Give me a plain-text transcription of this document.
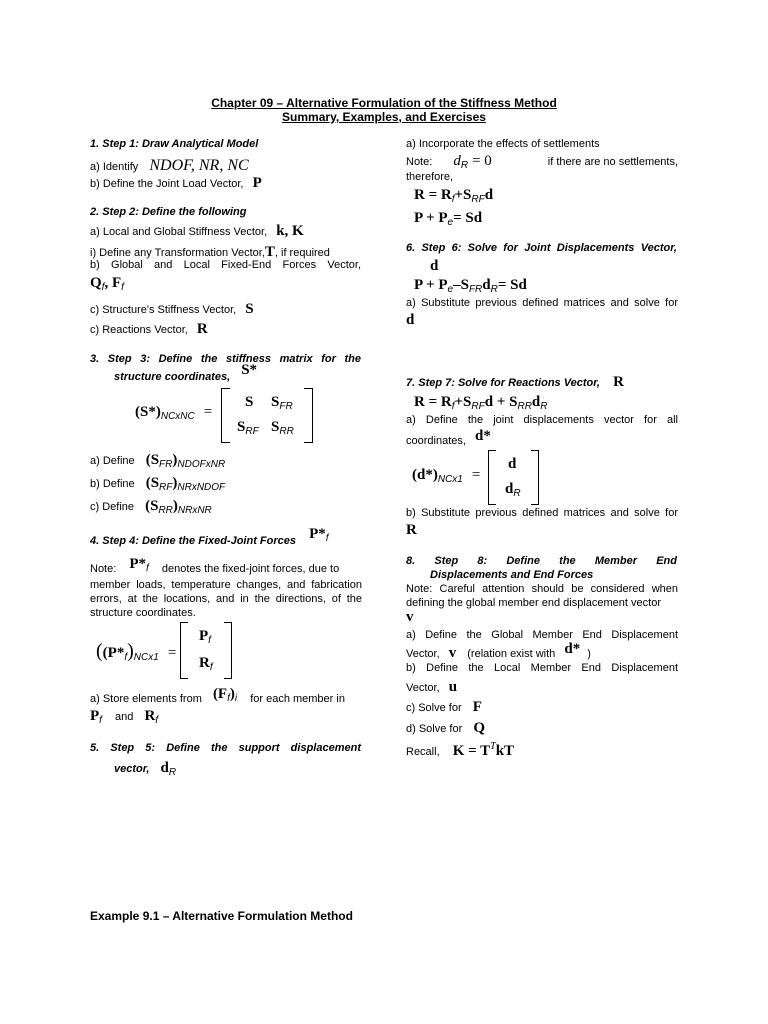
Chapter 09 – Alternative Formulation of the Stiffness Method
Summary, Examples, and Exercises
1. Step 1: Draw Analytical Model
a) Identify NDOF, NR, NC
b) Define the Joint Load Vector, P
2. Step 2: Define the following
a) Local and Global Stiffness Vector, k, K
i) Define any Transformation Vector,T, if required
b) Global and Local Fixed-End Forces Vector,
Qf, Ff
c) Structure's Stiffness Vector, S
c) Reactions Vector, R
3. Step 3: Define the stiffness matrix for the
structure coordinates, S*
(S*)NCxNC =
S SFR
SRF SRR
a) Define (SFR)NDOFxNR
b) Define (SRF)NRxNDOF
c) Define (SRR)NRxNR
4. Step 4: Define the Fixed-Joint Forces P*f
Note: P*f denotes the fixed-joint forces, due to
member loads, temperature changes, and fabrication errors, at the locations, and in the directions, of the structure coordinates.
((P*f)NCx1 =
Pf
Rf
a) Store elements from (Ff)i for each member in
Pf and Rf
5. Step 5: Define the support displacement
vector, dR
Example 9.1 – Alternative Formulation Method
a) Incorporate the effects of settlements
Note: dR = 0	if there are no settlements,
therefore,
R = Rf+SRFd
P + Pe= Sd
6. Step 6: Solve for Joint Displacements Vector,
d
P + Pe–SFRdR= Sd
a) Substitute previous defined matrices and solve for
d
7. Step 7: Solve for Reactions Vector, R
R = Rf+SRFd + SRRdR
a) Define the joint displacements vector for all
coordinates, d*
(d*)NCx1 =
d
dR
b) Substitute previous defined matrices and solve for
R
8. Step 8: Define the Member End
Displacements and End Forces
Note: Careful attention should be considered when defining the global member end displacement vector
v
a) Define the Global Member End Displacement
Vector, v (relation exist with d* )
b) Define the Local Member End Displacement
Vector, u
c) Solve for F
d) Solve for Q
Recall, K = TTkT
